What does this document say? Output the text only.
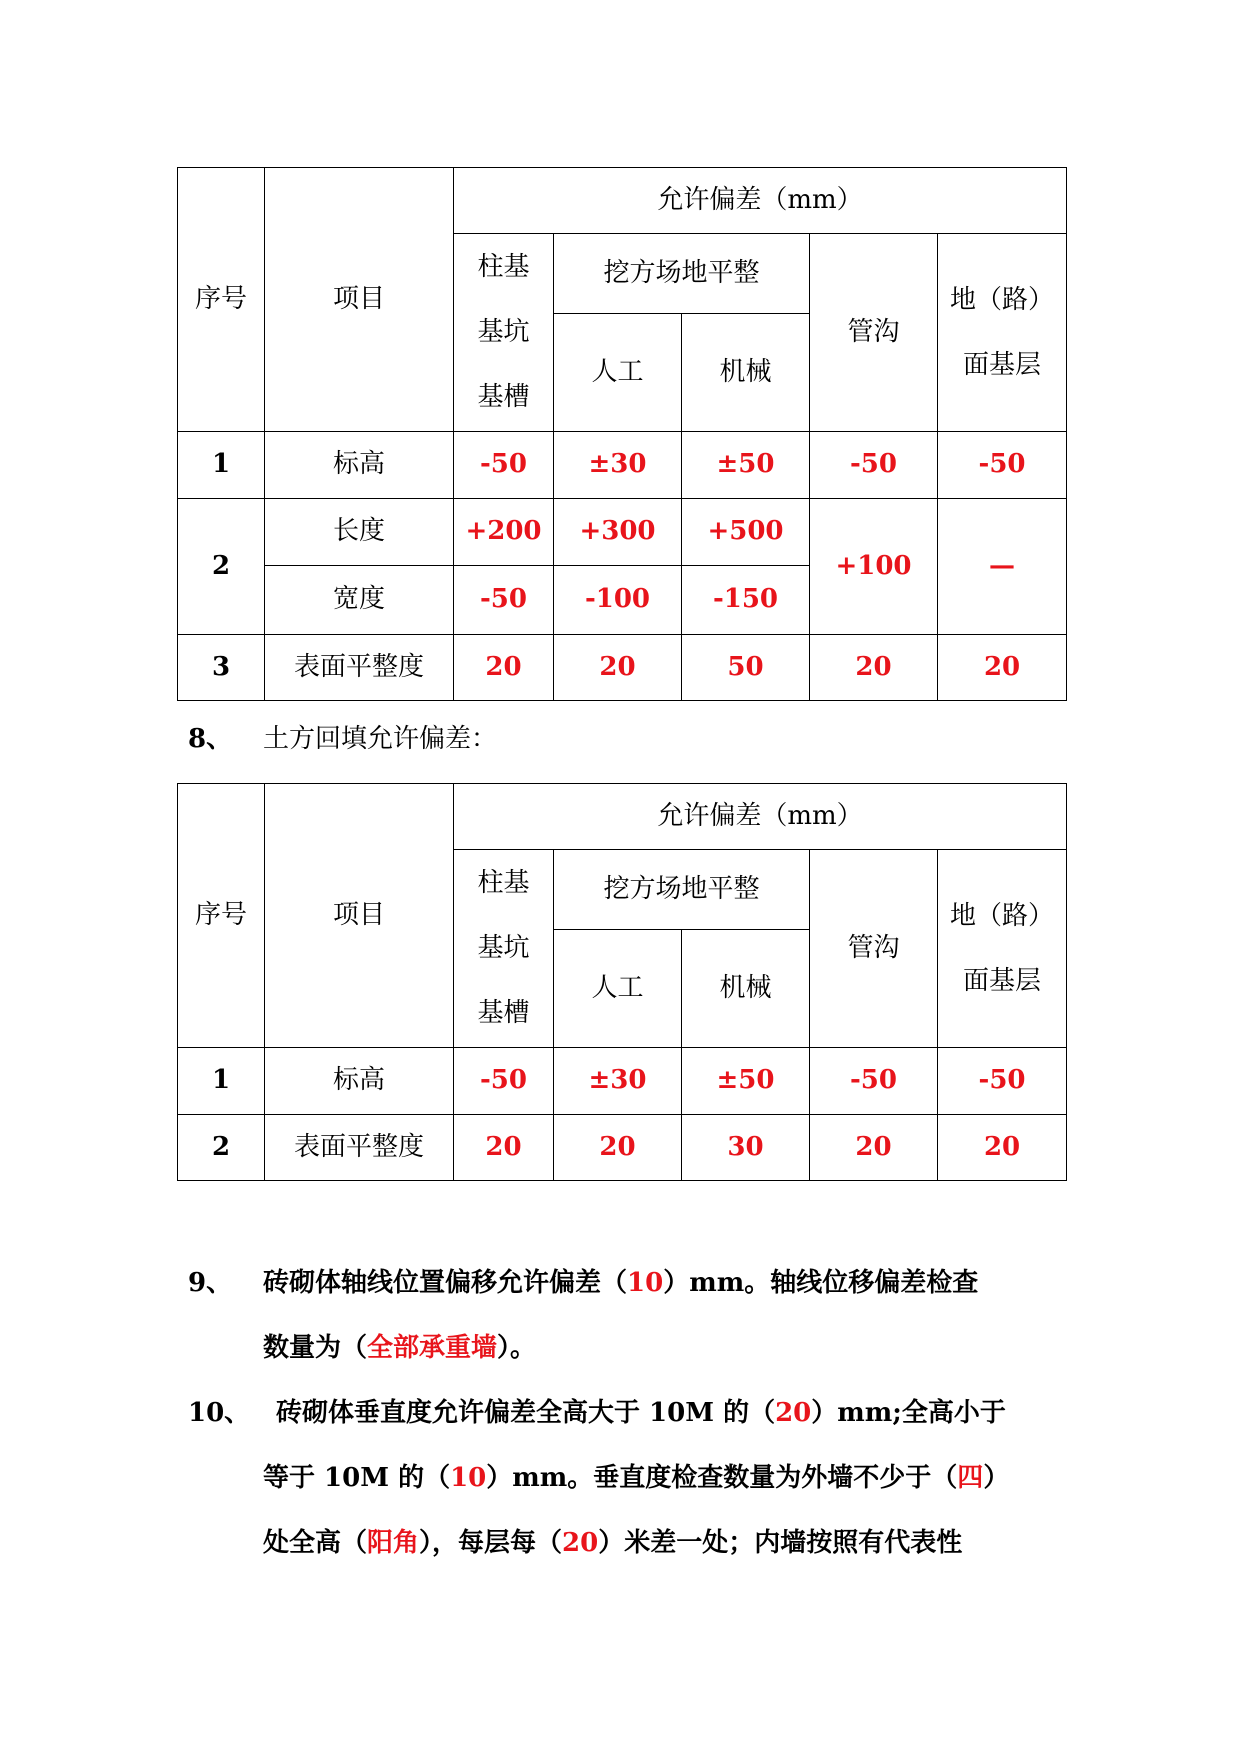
序号	项目	允许偏差（mm）				

		柱基
基坑
基槽	挖方场地平整		管沟	地（路）
面基层

			人工	机械		
1	标高	-50	±30	±50	-50	-50
2	长度	+200	+300	+500	+100	—
	宽度	-50	-100	-150		
3	表面平整度	20	20	50	20	20
8、 土方回填允许偏差：
序号	项目	允许偏差（mm）				

		柱基
基坑
基槽	挖方场地平整		管沟	地（路）
面基层

			人工	机械		
1	标高	-50	±30	±50	-50	-50
2	表面平整度	20	20	30	20	20
9、 砖砌体轴线位置偏移允许偏差（10）mm。轴线位移偏差检查
数量为（全部承重墙）。
10、 砖砌体垂直度允许偏差全高大于 10M 的（20）mm;全高小于
等于 10M 的（10）mm。垂直度检查数量为外墙不少于（四）
处全高（阳角），每层每（20）米差一处；内墙按照有代表性
